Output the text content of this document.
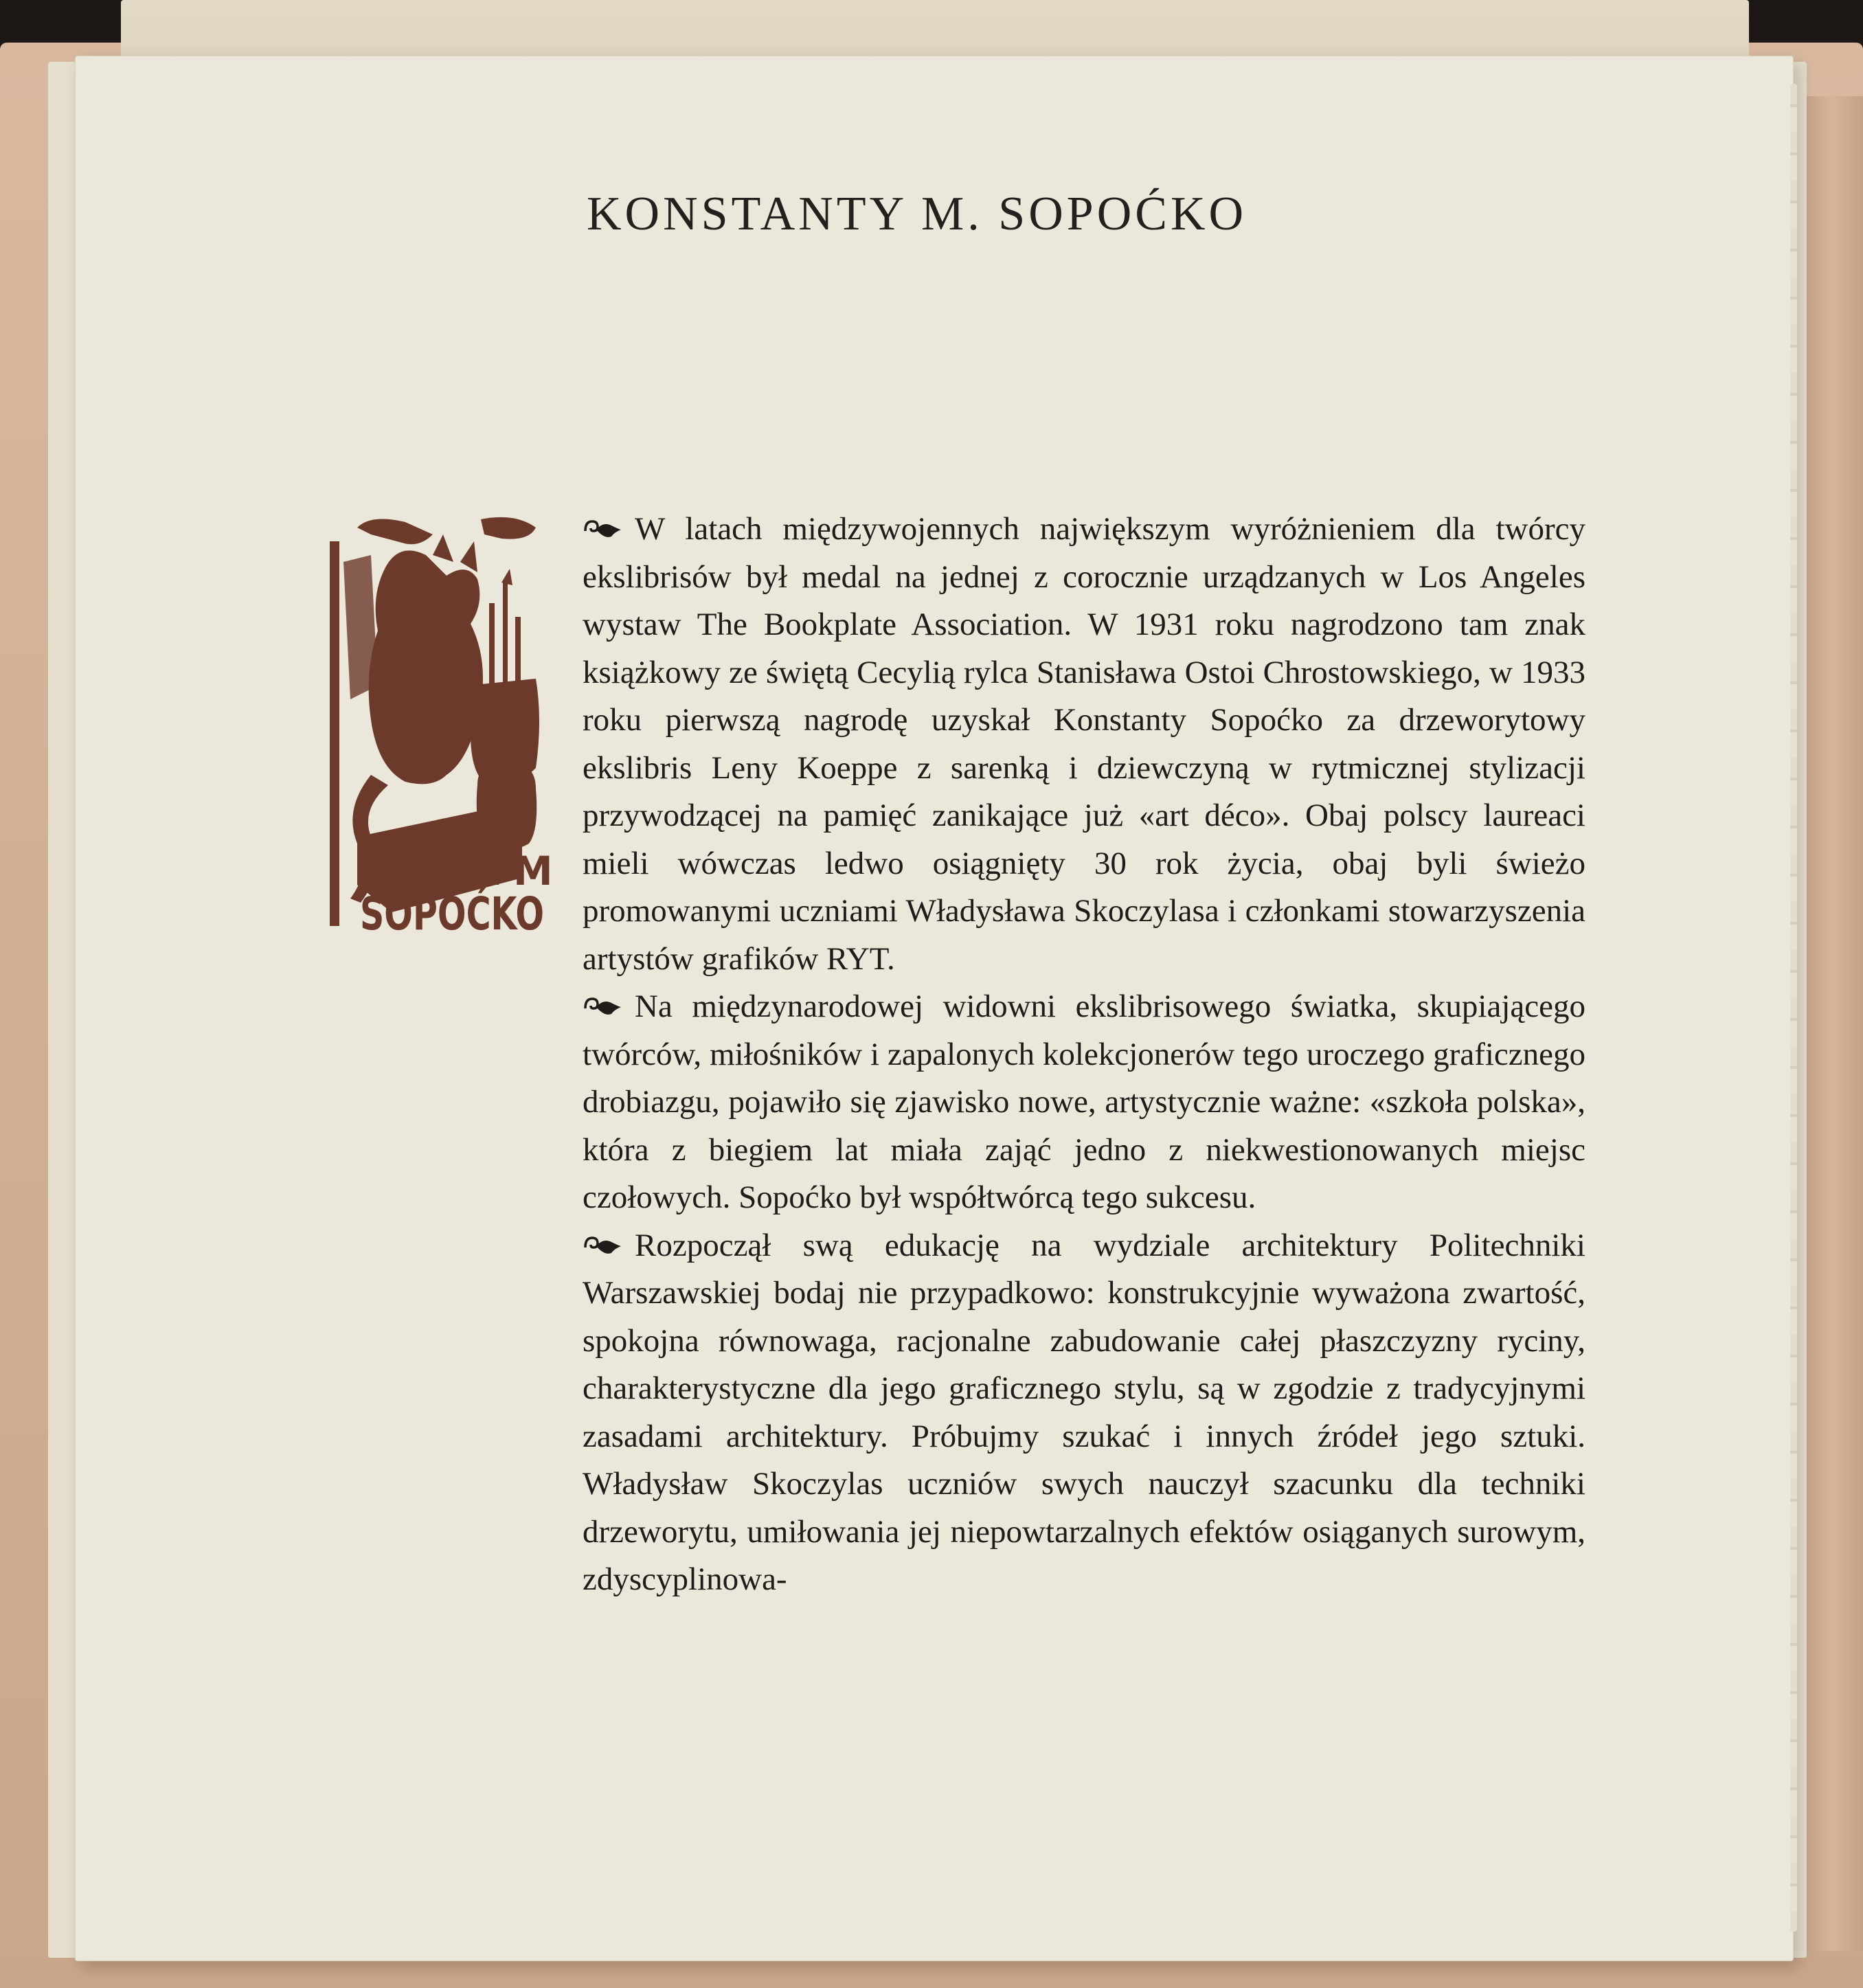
KONSTANTY M. SOPOĆKO
K·M
SOPOĆKO

W latach międzywojennych największym wyróżnieniem dla twórcy ekslibrisów był medal na jednej z corocznie urządzanych w Los Angeles wystaw The Bookplate Association. W 1931 roku nagrodzono tam znak książkowy ze świętą Cecylią rylca Stanisława Ostoi Chrostowskiego, w 1933 roku pierwszą nagrodę uzyskał Konstanty Sopoćko za drzeworytowy ekslibris Leny Koeppe z sarenką i dziewczyną w rytmicznej stylizacji przywodzącej na pamięć zanikające już «art déco». Obaj polscy laureaci mieli wówczas ledwo osiągnięty 30 rok życia, obaj byli świeżo promowanymi uczniami Władysława Skoczylasa i członkami stowarzyszenia artystów grafików RYT.

Na międzynarodowej widowni ekslibrisowego światka, skupiającego twórców, miłośników i zapalonych kolekcjonerów tego uroczego graficznego drobiazgu, pojawiło się zjawisko nowe, artystycznie ważne: «szkoła polska», która z biegiem lat miała zająć jedno z niekwestionowanych miejsc czołowych. Sopoćko był współtwórcą tego sukcesu.

Rozpoczął swą edukację na wydziale architektury Politechniki Warszawskiej bodaj nie przypadkowo: konstrukcyjnie wyważona zwartość, spokojna równowaga, racjonalne zabudowanie całej płaszczyzny ryciny, charakterystyczne dla jego graficznego stylu, są w zgodzie z tradycyjnymi zasadami architektury. Próbujmy szukać i innych źródeł jego sztuki. Władysław Skoczylas uczniów swych nauczył szacunku dla techniki drzeworytu, umiłowania jej niepowtarzalnych efektów osiąganych surowym, zdyscyplinowa-
